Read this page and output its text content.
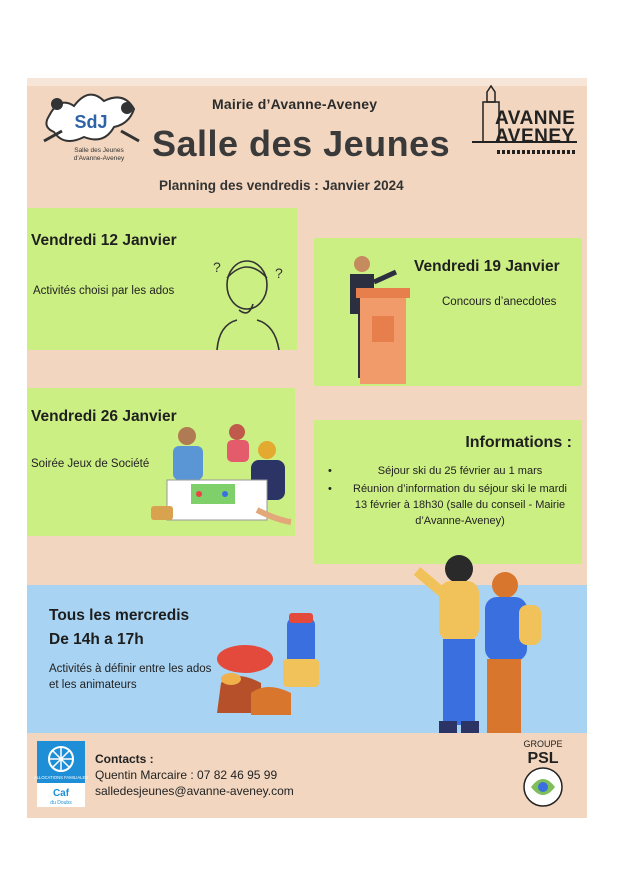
SdJ
Salle des Jeunes
d'Avanne-Aveney
Mairie d’Avanne-Aveney
Salle des Jeunes
Planning des vendredis : Janvier 2024
AVANNE
AVENEY
Vendredi 12 Janvier

Activités choisi par les ados

?	?	Vendredi 19 Janvier

Concours d’anecdotes

Vendredi 26 Janvier

Soirée Jeux de Société

Informations :
• Séjour ski du 25 février au 1 mars
• Réunion d’information du séjour ski le mardi 13 février à 18h30 (salle du conseil - Mairie d’Avanne-Aveney)
Tous les mercredis
De 14h a 17h

Activités à définir entre les ados et les animateurs

ALLOCATIONS FAMILIALES
Caf
du Doubs
Contacts :
Quentin Marcaire : 07 82 46 95 99
salledesjeunes@avanne-aveney.com
GROUPE
PSL
